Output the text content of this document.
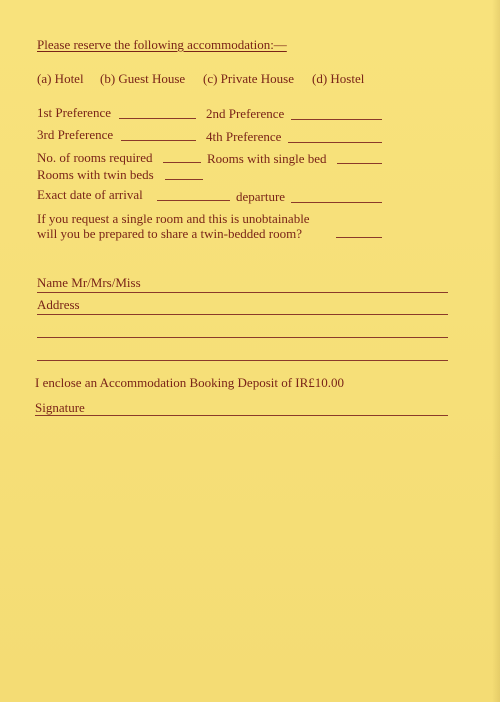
Please reserve the following accommodation:—
(a) Hotel (b) Guest House (c) Private House (d) Hostel
1st Preference	2nd Preference
3rd Preference	4th Preference
No. of rooms required	Rooms with single bed
Rooms with twin beds
Exact date of arrival	departure
If you request a single room and this is unobtainable
will you be prepared to share a twin-bedded room?
Name Mr/Mrs/Miss
Address
I enclose an Accommodation Booking Deposit of IR£10.00
Signature
